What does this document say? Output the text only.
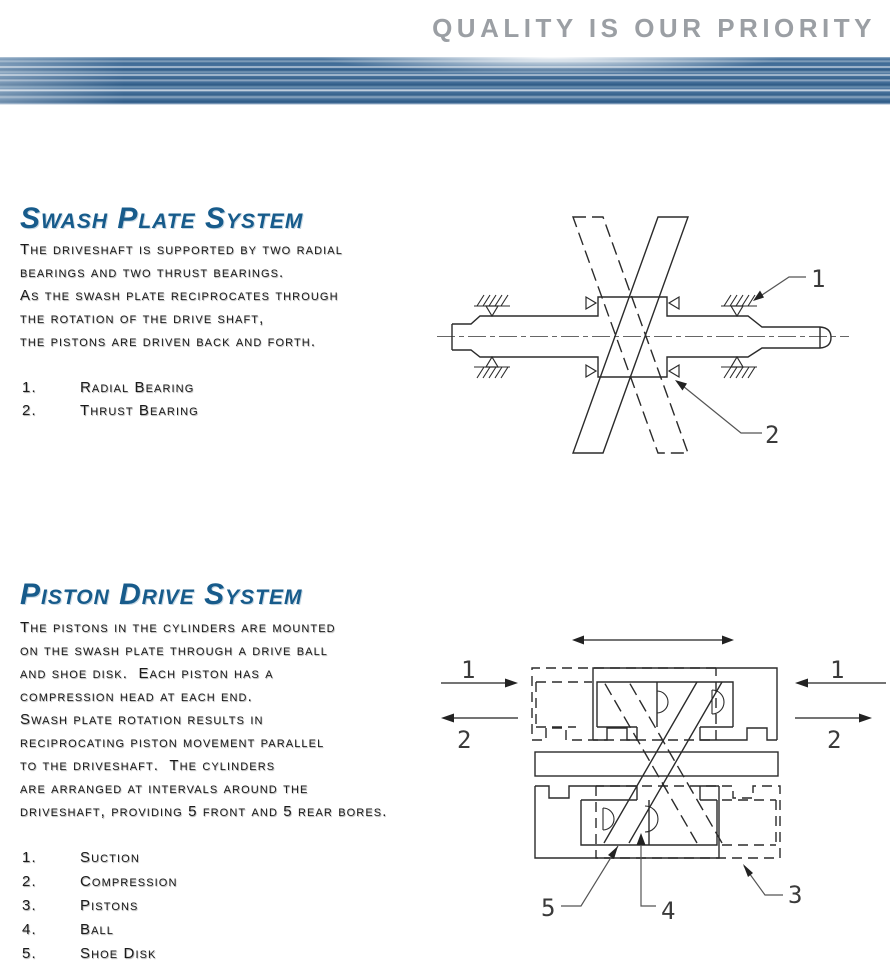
QUALITY IS OUR PRIORITY
Swash Plate System
The driveshaft is supported by two radial
bearings and two thrust bearings.
As the swash plate reciprocates through
the rotation of the drive shaft,
the pistons are driven back and forth.
1.	Radial Bearing
2.	Thrust Bearing
1
2
Piston Drive System
The pistons in the cylinders are mounted
on the swash plate through a drive ball
and shoe disk.  Each piston has a
compression head at each end.
Swash plate rotation results in
reciprocating piston movement parallel
to the driveshaft.  The cylinders
are arranged at intervals around the
driveshaft, providing 5 front and 5 rear bores.
1.	Suction
2.	Compression
3.	Pistons
4.	Ball
5.	Shoe Disk
1
2
1
2
5	4
3
